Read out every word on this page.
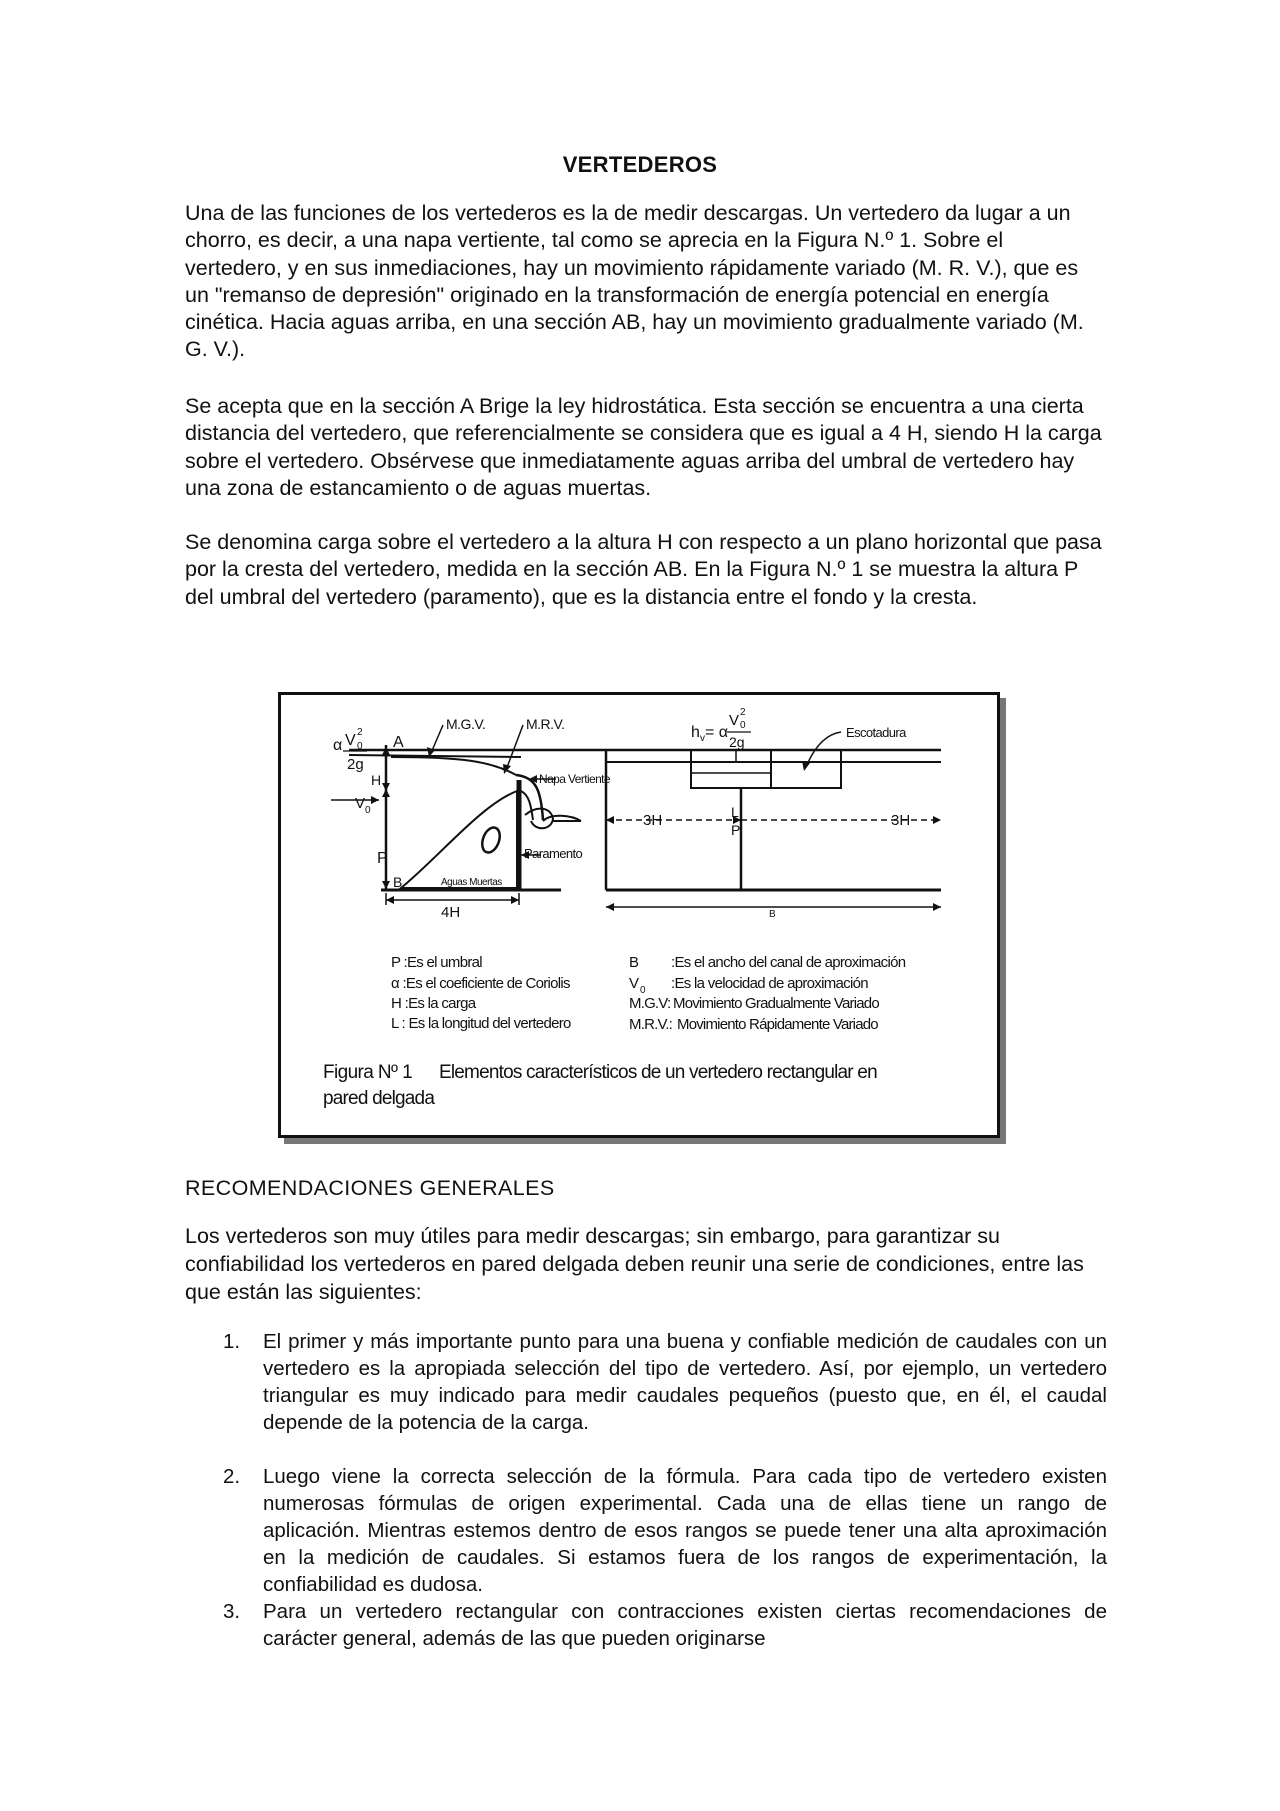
VERTEDEROS
Una de las funciones de los vertederos es la de medir descargas. Un vertedero da lugar a un chorro, es decir, a una napa vertiente, tal como se aprecia en la Figura N.º 1. Sobre el vertedero, y en sus inmediaciones, hay un movimiento rápidamente variado (M. R. V.), que es un "remanso de depresión" originado en la transformación de energía potencial en energía cinética. Hacia aguas arriba, en una sección AB, hay un movimiento gradualmente variado (M. G. V.).
Se acepta que en la sección A Brige la ley hidrostática. Esta sección se encuentra a una cierta distancia del vertedero, que referencialmente se considera que es igual a 4 H, siendo H la carga sobre el vertedero. Obsérvese que inmediatamente aguas arriba del umbral de vertedero hay una zona de estancamiento o de aguas muertas.
Se denomina carga sobre el vertedero a la altura H con respecto a un plano horizontal que pasa por la cresta del vertedero, medida en la sección AB. En la Figura N.º 1 se muestra la altura P del umbral del vertedero (paramento), que es la distancia entre el fondo y la cresta.
α V 0
2
2g
A
H
V 0
P
B
4H
M.G.V.	M.R.V.
Napa Vertiente
Paramento
Aguas Muertas
h v = α
V 0
2
2g
Escotadura
3H	3H
L
P
B
P :Es el umbral
α :Es el coeficiente de Coriolis
H :Es la carga
L : Es la longitud del vertedero
B :Es el ancho del canal de aproximación
V 0 :Es la velocidad de aproximación
M.G.V: Movimiento Gradualmente Variado
M.R.V.: Movimiento Rápidamente Variado
Figura Nº 1 Elementos característicos de un vertedero rectangular en
pared delgada
RECOMENDACIONES GENERALES
Los vertederos son muy útiles para medir descargas; sin embargo, para garantizar su confiabilidad los vertederos en pared delgada deben reunir una serie de condiciones, entre las que están las siguientes:
1. El primer y más importante punto para una buena y confiable medición de caudales con un vertedero es la apropiada selección del tipo de vertedero. Así, por ejemplo, un vertedero triangular es muy indicado para medir caudales pequeños (puesto que, en él, el caudal depende de la potencia de la carga.
2. Luego viene la correcta selección de la fórmula. Para cada tipo de vertedero existen numerosas fórmulas de origen experimental. Cada una de ellas tiene un rango de aplicación. Mientras estemos dentro de esos rangos se puede tener una alta aproximación en la medición de caudales. Si estamos fuera de los rangos de experimentación, la confiabilidad es dudosa.
3. Para un vertedero rectangular con contracciones existen ciertas recomendaciones de carácter general, además de las que pueden originarse
